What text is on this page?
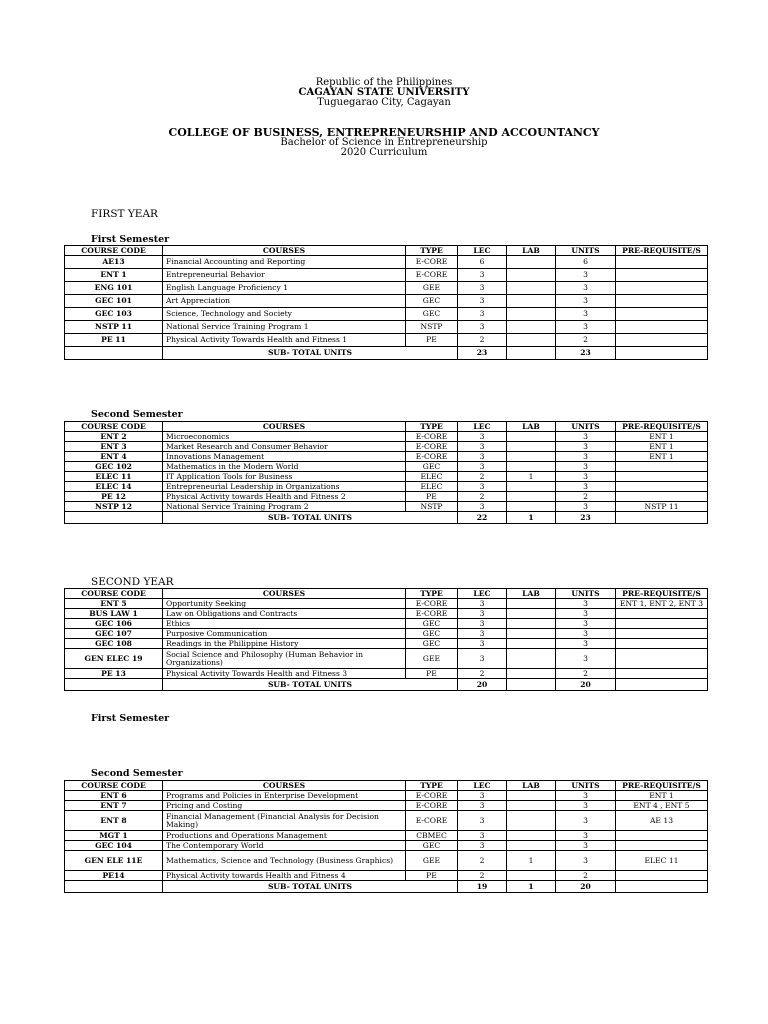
Republic of the Philippines
CAGAYAN STATE UNIVERSITY
Tuguegarao City, Cagayan
COLLEGE OF BUSINESS, ENTREPRENEURSHIP AND ACCOUNTANCY
Bachelor of Science in Entrepreneurship
2020 Curriculum
FIRST YEAR
First Semester
COURSE CODE	COURSES	TYPE	LEC	LAB	UNITS	PRE-REQUISITE/S
AE13	Financial Accounting and Reporting	E-CORE	6		6	
ENT 1	Entrepreneurial Behavior	E-CORE	3		3	
ENG 101	English Language Proficiency 1	GEE	3		3	
GEC 101	Art Appreciation	GEC	3		3	
GEC 103	Science, Technology and Society	GEC	3		3	
NSTP 11	National Service Training Program 1	NSTP	3		3	
PE 11	Physical Activity Towards Health and Fitness 1	PE	2		2	
	SUB- TOTAL UNITS		23		23	
Second Semester
COURSE CODE	COURSES	TYPE	LEC	LAB	UNITS	PRE-REQUISITE/S
ENT 2	Microeconomics	E-CORE	3		3	ENT 1
ENT 3	Market Research and Consumer Behavior	E-CORE	3		3	ENT 1
ENT 4	Innovations Management	E-CORE	3		3	ENT 1
GEC 102	Mathematics in the Modern World	GEC	3		3	
ELEC 11	IT Application Tools for Business	ELEC	2	1	3	
ELEC 14	Entrepreneurial Leadership in Organizations	ELEC	3		3	
PE 12	Physical Activity towards Health and Fitness 2	PE	2		2	
NSTP 12	National Service Training Program 2	NSTP	3		3	NSTP 11
	SUB- TOTAL UNITS		22	1	23	
SECOND YEAR
COURSE CODE	COURSES	TYPE	LEC	LAB	UNITS	PRE-REQUISITE/S
ENT 5	Opportunity Seeking	E-CORE	3		3	ENT 1, ENT 2, ENT 3
BUS LAW 1	Law on Obligations and Contracts	E-CORE	3		3	
GEC 106	Ethics	GEC	3		3	
GEC 107	Purposive Communication	GEC	3		3	
GEC 108	Readings in the Philippine History	GEC	3		3	
GEN ELEC 19	Social Science and Philosophy (Human Behavior in Organizations)	GEE	3		3	
PE 13	Physical Activity Towards Health and Fitness 3	PE	2		2	
	SUB- TOTAL UNITS		20		20	
First Semester
Second Semester
COURSE CODE	COURSES	TYPE	LEC	LAB	UNITS	PRE-REQUISITE/S
ENT 6	Programs and Policies in Enterprise Development	E-CORE	3		3	ENT 1
ENT 7	Pricing and Costing	E-CORE	3		3	ENT 4 , ENT 5
ENT 8	Financial Management (Financial Analysis for Decision Making)	E-CORE	3		3	AE 13
MGT 1	Productions and Operations Management	CBMEC	3		3	
GEC 104	The Contemporary World	GEC	3		3	
GEN ELE 11E	Mathematics, Science and Technology (Business Graphics)	GEE	2	1	3	ELEC 11
PE14	Physical Activity towards Health and Fitness 4	PE	2		2	
	SUB- TOTAL UNITS		19	1	20	
